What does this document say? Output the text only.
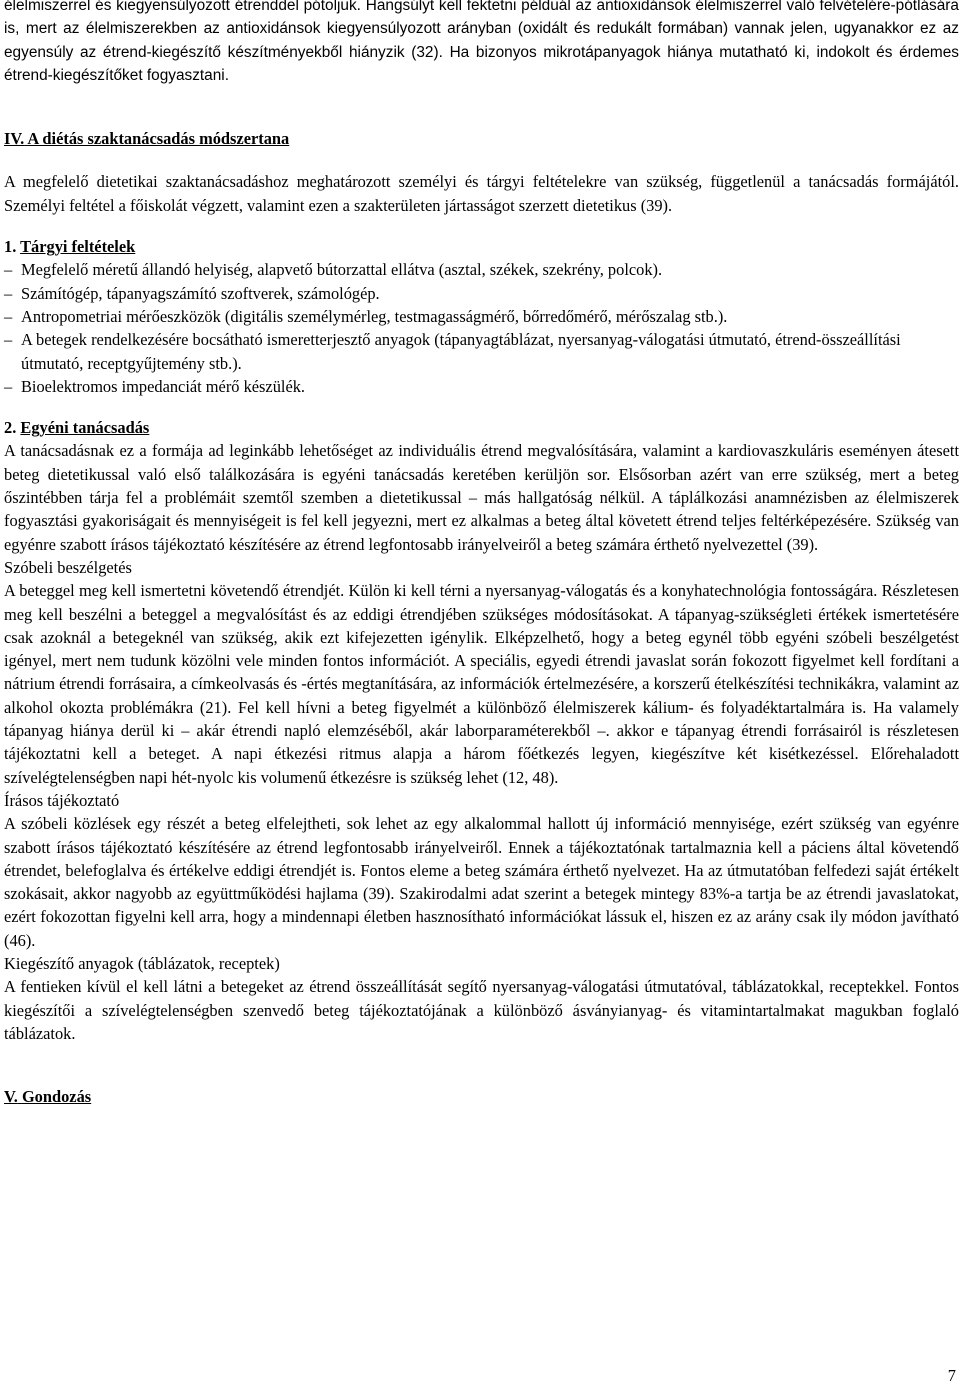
élelmiszerrel és kiegyensúlyozott étrenddel pótoljuk. Hangsúlyt kell fektetni példuál az antioxidánsok élelmiszerrel való felvételére-pótlására is, mert az élelmiszerekben az antioxidánsok kiegyensúlyozott arányban (oxidált és redukált formában) vannak jelen, ugyanakkor ez az egyensúly az étrend-kiegészítő készítményekből hiányzik (32). Ha bizonyos mikrotápanyagok hiánya mutatható ki, indokolt és érdemes étrend-kiegészítőket fogyasztani.

IV. A diétás szaktanácsadás módszertana

A megfelelő dietetikai szaktanácsadáshoz meghatározott személyi és tárgyi feltételekre van szükség, függetlenül a tanácsadás formájától. Személyi feltétel a főiskolát végzett, valamint ezen a szakterületen jártasságot szerzett dietetikus (39).

1. Tárgyi feltételek
– Megfelelő méretű állandó helyiség, alapvető bútorzattal ellátva (asztal, székek, szekrény, polcok).
– Számítógép, tápanyagszámító szoftverek, számológép.
– Antropometriai mérőeszközök (digitális személymérleg, testmagasságmérő, bőrredőmérő, mérőszalag stb.).
– A betegek rendelkezésére bocsátható ismeretterjesztő anyagok (tápanyagtáblázat, nyersanyag-válogatási útmutató, étrend-összeállítási útmutató, receptgyűjtemény stb.).
– Bioelektromos impedanciát mérő készülék.
2. Egyéni tanácsadás

A tanácsadásnak ez a formája ad leginkább lehetőséget az individuális étrend megvalósítására, valamint a kardiovaszkuláris eseményen átesett beteg dietetikussal való első találkozására is egyéni tanácsadás keretében kerüljön sor. Elsősorban azért van erre szükség, mert a beteg őszintébben tárja fel a problémáit szemtől szemben a dietetikussal – más hallgatóság nélkül. A táplálkozási anamnézisben az élelmiszerek fogyasztási gyakoriságait és mennyiségeit is fel kell jegyezni, mert ez alkalmas a beteg által követett étrend teljes feltérképezésére. Szükség van egyénre szabott írásos tájékoztató készítésére az étrend legfontosabb irányelveiről a beteg számára érthető nyelvezettel (39).

Szóbeli beszélgetés

A beteggel meg kell ismertetni követendő étrendjét. Külön ki kell térni a nyersanyag-válogatás és a konyhatechnológia fontosságára. Részletesen meg kell beszélni a beteggel a megvalósítást és az eddigi étrendjében szükséges módosításokat. A tápanyag-szükségleti értékek ismertetésére csak azoknál a betegeknél van szükség, akik ezt kifejezetten igénylik. Elképzelhető, hogy a beteg egynél több egyéni szóbeli beszélgetést igényel, mert nem tudunk közölni vele minden fontos információt. A speciális, egyedi étrendi javaslat során fokozott figyelmet kell fordítani a nátrium étrendi forrásaira, a címkeolvasás és -értés megtanítására, az információk értelmezésére, a korszerű ételkészítési technikákra, valamint az alkohol okozta problémákra (21). Fel kell hívni a beteg figyelmét a különböző élelmiszerek kálium- és folyadéktartalmára is. Ha valamely tápanyag hiánya derül ki – akár étrendi napló elemzéséből, akár laborparaméterekből –. akkor e tápanyag étrendi forrásairól is részletesen tájékoztatni kell a beteget. A napi étkezési ritmus alapja a három főétkezés legyen, kiegészítve két kisétkezéssel. Előrehaladott szívelégtelenségben napi hét-nyolc kis volumenű étkezésre is szükség lehet (12, 48).

Írásos tájékoztató

A szóbeli közlések egy részét a beteg elfelejtheti, sok lehet az egy alkalommal hallott új információ mennyisége, ezért szükség van egyénre szabott írásos tájékoztató készítésére az étrend legfontosabb irányelveiről. Ennek a tájékoztatónak tartalmaznia kell a páciens által követendő étrendet, belefoglalva és értékelve eddigi étrendjét is. Fontos eleme a beteg számára érthető nyelvezet. Ha az útmutatóban felfedezi saját értékelt szokásait, akkor nagyobb az együttműködési hajlama (39). Szakirodalmi adat szerint a betegek mintegy 83%-a tartja be az étrendi javaslatokat, ezért fokozottan figyelni kell arra, hogy a mindennapi életben hasznosítható információkat lássuk el, hiszen ez az arány csak ily módon javítható (46).

Kiegészítő anyagok (táblázatok, receptek)

A fentieken kívül el kell látni a betegeket az étrend összeállítását segítő nyersanyag-válogatási útmutatóval, táblázatokkal, receptekkel. Fontos kiegészítői a szívelégtelenségben szenvedő beteg tájékoztatójának a különböző ásványianyag- és vitamintartalmakat magukban foglaló táblázatok.

V. Gondozás
7
